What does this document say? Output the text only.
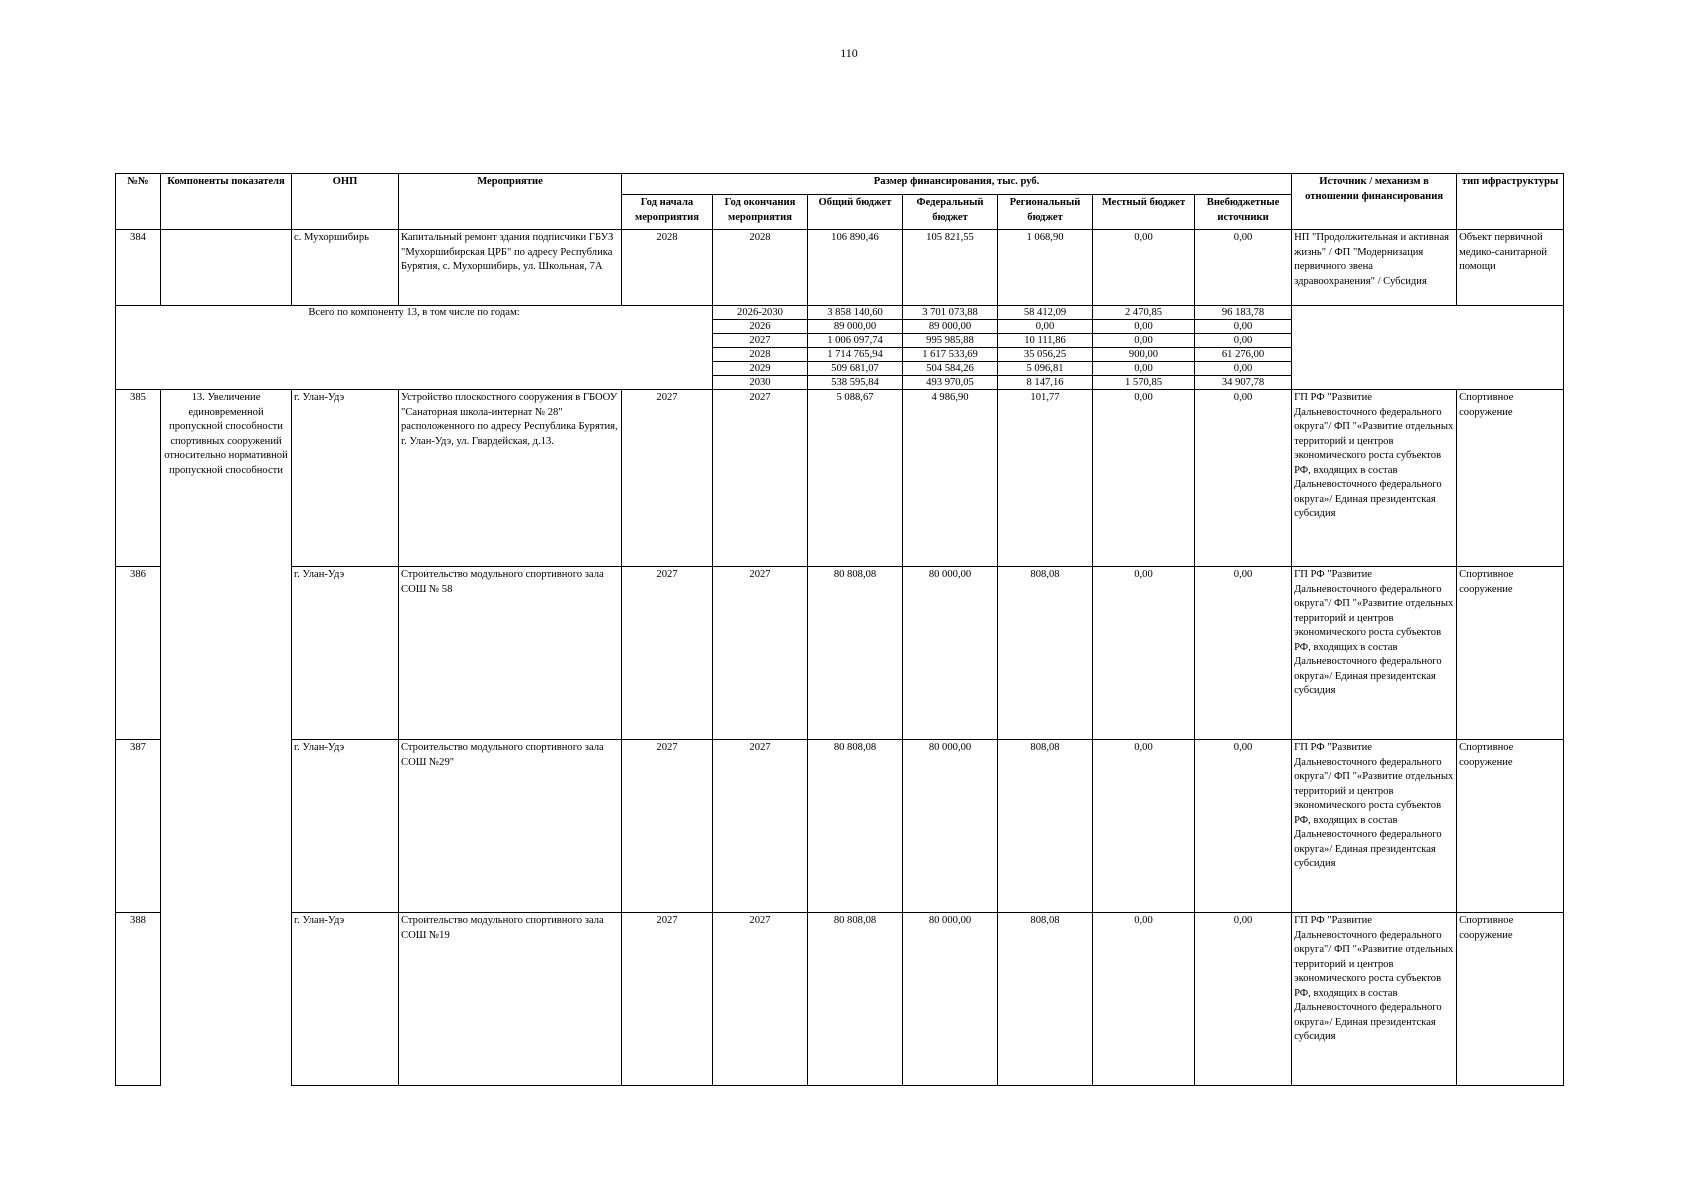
110
№№	Компоненты показателя	ОНП	Мероприятие	Размер финансирования, тыс. руб.							Источник / механизм в отношении финансирования	тип ифраструктуры
				Год начала мероприятия	Год окончания мероприятия	Общий бюджет	Федеральный бюджет	Региональный бюджет	Местный бюджет	Внебюджетные источники		
384		с. Мухоршибирь	Капитальный ремонт здания подписчики ГБУЗ "Мухоршибирская ЦРБ" по адресу Республика Бурятия, с. Мухоршибирь, ул. Школьная, 7А	2028	2028	106 890,46	105 821,55	1 068,90	0,00	0,00	НП "Продолжительная и активная жизнь" / ФП "Модернизация первичного звена здравоохранения" / Субсидия	Объект первичной медико-санитарной помощи
Всего по компоненту 13, в том числе по годам:					2026-2030	3 858 140,60	3 701 073,88	58 412,09	2 470,85	96 183,78		
					2026	89 000,00	89 000,00	0,00	0,00	0,00		
					2027	1 006 097,74	995 985,88	10 111,86	0,00	0,00		
					2028	1 714 765,94	1 617 533,69	35 056,25	900,00	61 276,00		
					2029	509 681,07	504 584,26	5 096,81	0,00	0,00		
					2030	538 595,84	493 970,05	8 147,16	1 570,85	34 907,78		
385	13. Увеличение единовременной пропускной способности спортивных сооружений относительно нормативной пропускной способности	г. Улан-Удэ	Устройство плоскостного сооружения в ГБООУ "Санаторная школа-интернат № 28" расположенного по адресу Республика Бурятия, г. Улан-Удэ, ул. Гвардейская, д.13.	2027	2027	5 088,67	4 986,90	101,77	0,00	0,00	ГП РФ "Развитие Дальневосточного федерального округа"/ ФП "«Развитие отдельных территорий и центров экономического роста субъектов РФ, входящих в состав Дальневосточного федерального округа»/ Единая президентская субсидия	Спортивное сооружение
386		г. Улан-Удэ	Строительство модульного спортивного зала СОШ № 58	2027	2027	80 808,08	80 000,00	808,08	0,00	0,00	ГП РФ "Развитие Дальневосточного федерального округа"/ ФП "«Развитие отдельных территорий и центров экономического роста субъектов РФ, входящих в состав Дальневосточного федерального округа»/ Единая президентская субсидия	Спортивное сооружение
387		г. Улан-Удэ	Строительство модульного спортивного зала СОШ №29"	2027	2027	80 808,08	80 000,00	808,08	0,00	0,00	ГП РФ "Развитие Дальневосточного федерального округа"/ ФП "«Развитие отдельных территорий и центров экономического роста субъектов РФ, входящих в состав Дальневосточного федерального округа»/ Единая президентская субсидия	Спортивное сооружение
388		г. Улан-Удэ	Строительство модульного спортивного зала СОШ №19	2027	2027	80 808,08	80 000,00	808,08	0,00	0,00	ГП РФ "Развитие Дальневосточного федерального округа"/ ФП "«Развитие отдельных территорий и центров экономического роста субъектов РФ, входящих в состав Дальневосточного федерального округа»/ Единая президентская субсидия	Спортивное сооружение
